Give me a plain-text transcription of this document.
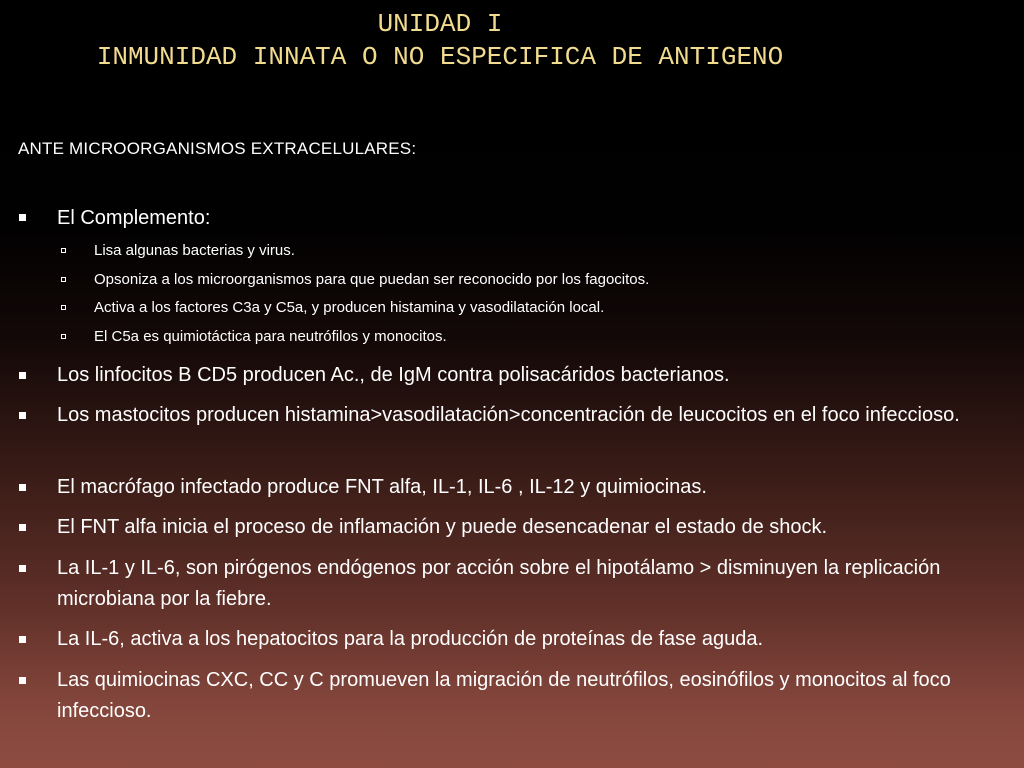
UNIDAD I
INMUNIDAD INNATA O NO ESPECIFICA DE ANTIGENO
ANTE MICROORGANISMOS EXTRACELULARES:
El Complemento:
Lisa algunas bacterias y virus.
Opsoniza a los microorganismos para que puedan ser reconocido por los fagocitos.
Activa a los factores C3a y C5a, y producen histamina y vasodilatación local.
El C5a es quimiotáctica para neutrófilos y monocitos.
Los linfocitos B CD5 producen Ac., de IgM contra polisacáridos bacterianos.
Los mastocitos producen histamina>vasodilatación>concentración de leucocitos en el foco infeccioso.
El macrófago infectado produce FNT alfa, IL-1, IL-6 , IL-12 y quimiocinas.
El FNT alfa inicia el proceso de inflamación y puede desencadenar el estado de shock.
La IL-1 y IL-6, son pirógenos endógenos por acción sobre el hipotálamo > disminuyen la replicación microbiana por la fiebre.
La IL-6, activa a los hepatocitos para la producción de proteínas de fase aguda.
Las quimiocinas CXC, CC y C promueven la migración de neutrófilos, eosinófilos y monocitos al foco infeccioso.
